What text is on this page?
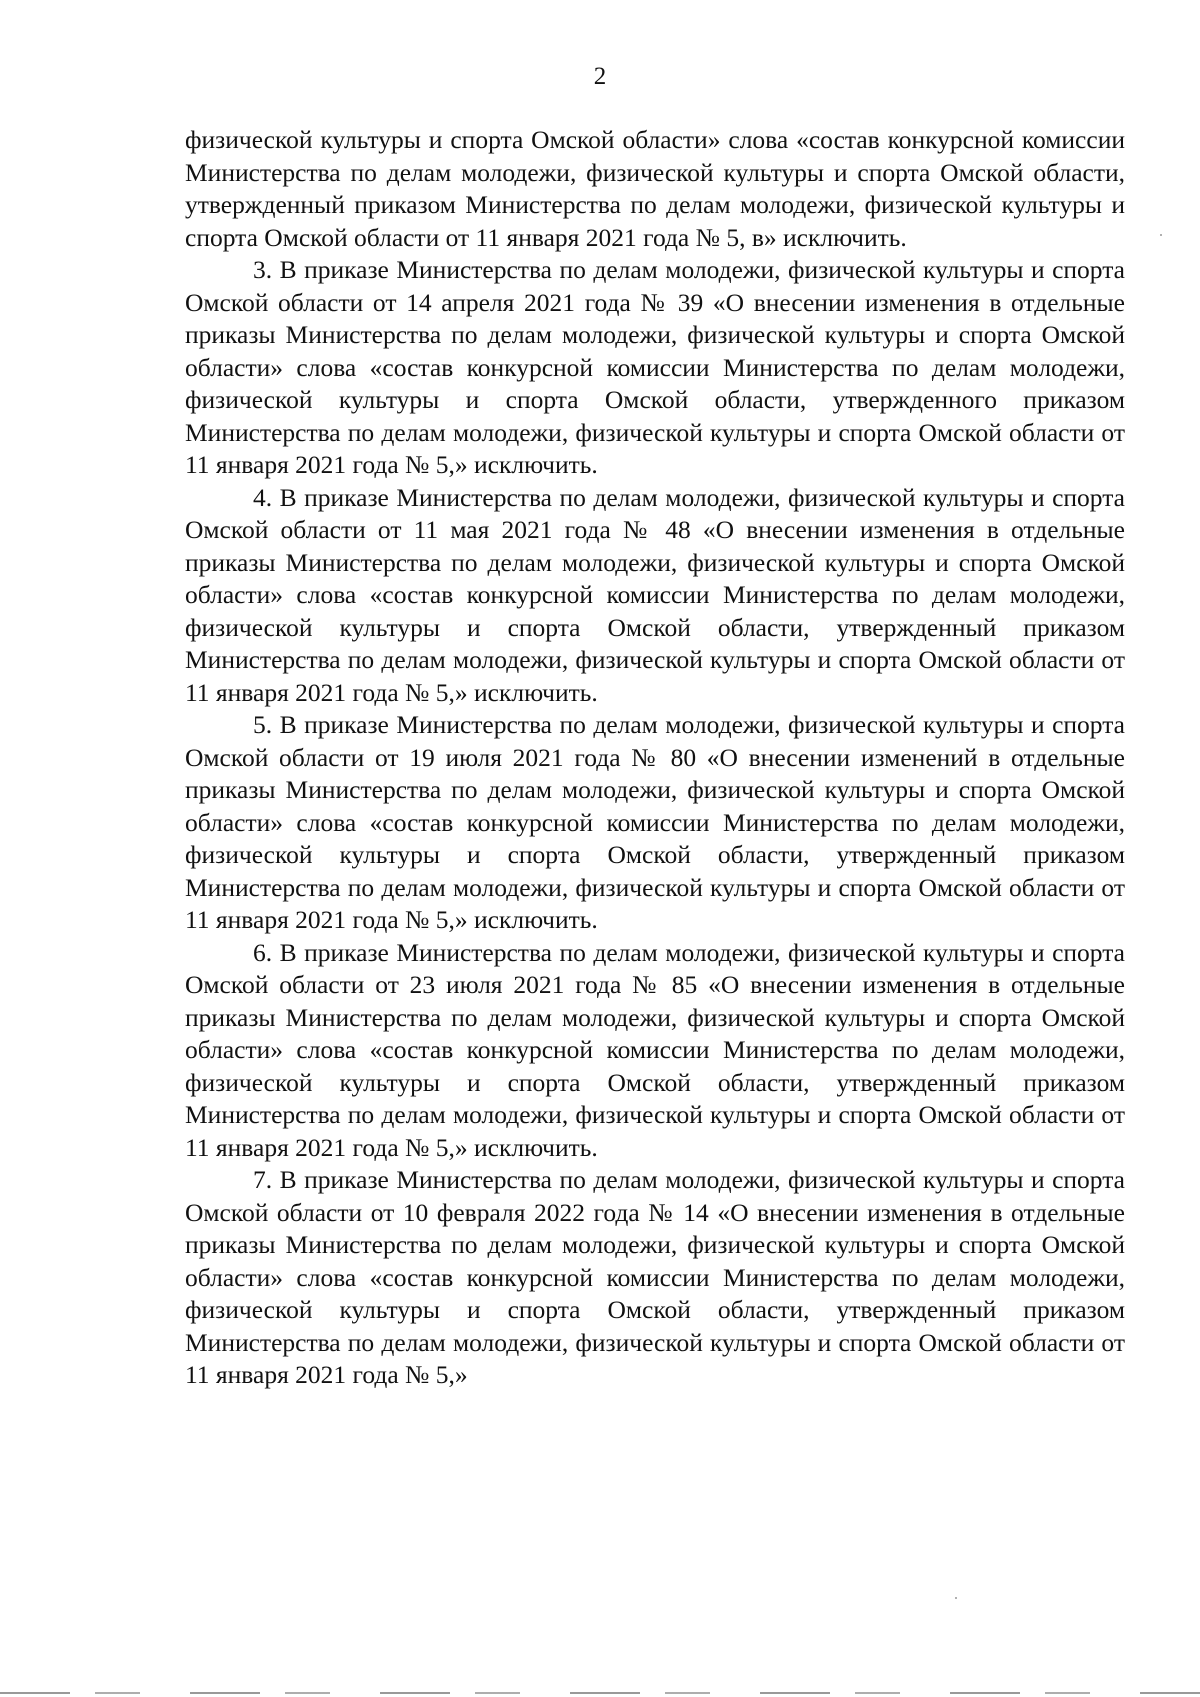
2

физической культуры и спорта Омской области» слова «состав конкурсной комиссии Министерства по делам молодежи, физической культуры и спорта Омской области, утвержденный приказом Министерства по делам молодежи, физической культуры и спорта Омской области от 11 января 2021 года № 5, в» исключить.

3. В приказе Министерства по делам молодежи, физической культуры и спорта Омской области от 14 апреля 2021 года № 39 «О внесении изменения в отдельные приказы Министерства по делам молодежи, физической культуры и спорта Омской области» слова «состав конкурсной комиссии Министерства по делам молодежи, физической культуры и спорта Омской области, утвержденного приказом Министерства по делам молодежи, физической культуры и спорта Омской области от 11 января 2021 года № 5,» исключить.

4. В приказе Министерства по делам молодежи, физической культуры и спорта Омской области от 11 мая 2021 года № 48 «О внесении изменения в отдельные приказы Министерства по делам молодежи, физической культуры и спорта Омской области» слова «состав конкурсной комиссии Министерства по делам молодежи, физической культуры и спорта Омской области, утвержденный приказом Министерства по делам молодежи, физической культуры и спорта Омской области от 11 января 2021 года № 5,» исключить.

5. В приказе Министерства по делам молодежи, физической культуры и спорта Омской области от 19 июля 2021 года № 80 «О внесении изменений в отдельные приказы Министерства по делам молодежи, физической культуры и спорта Омской области» слова «состав конкурсной комиссии Министерства по делам молодежи, физической культуры и спорта Омской области, утвержденный приказом Министерства по делам молодежи, физической культуры и спорта Омской области от 11 января 2021 года № 5,» исключить.

6. В приказе Министерства по делам молодежи, физической культуры и спорта Омской области от 23 июля 2021 года № 85 «О внесении изменения в отдельные приказы Министерства по делам молодежи, физической культуры и спорта Омской области» слова «состав конкурсной комиссии Министерства по делам молодежи, физической культуры и спорта Омской области, утвержденный приказом Министерства по делам молодежи, физической культуры и спорта Омской области от 11 января 2021 года № 5,» исключить.

7. В приказе Министерства по делам молодежи, физической культуры и спорта Омской области от 10 февраля 2022 года № 14 «О внесении изменения в отдельные приказы Министерства по делам молодежи, физической культуры и спорта Омской области» слова «состав конкурсной комиссии Министерства по делам молодежи, физической культуры и спорта Омской области, утвержденный приказом Министерства по делам молодежи, физической культуры и спорта Омской области от 11 января 2021 года № 5,»
